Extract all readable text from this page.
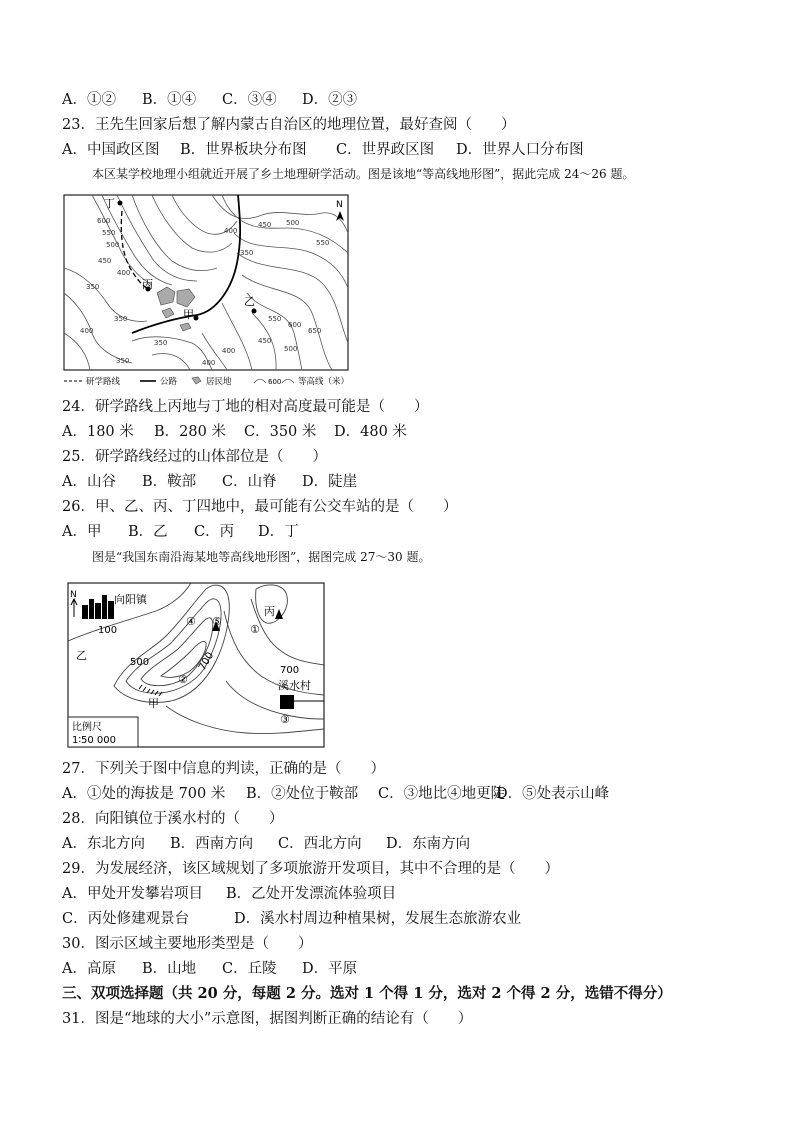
A．①② B．①④ C．③④ D．②③
23．王先生回家后想了解内蒙古自治区的地理位置，最好查阅（　　）
A．中国政区图 B．世界板块分布图 C．世界政区图 D．世界人口分布图
本区某学校地理小组就近开展了乡土地理研学活动。图是该地“等高线地形图”，据此完成 24～26 题。
丁
丙
甲
乙
N
600
550
500
450
400
350
450 500
550
350
400
550
600
650
350
400
450
500
350
400
350	400
研学路线	公路	居民地	600 等高线（米）
24．研学路线上丙地与丁地的相对高度最可能是（　　）
A．180 米 B．280 米 C．350 米 D．480 米
25．研学路线经过的山体部位是（　　）
A．山谷 B．鞍部 C．山脊 D．陡崖
26．甲、乙、丙、丁四地中，最可能有公交车站的是（　　）
A．甲 B．乙 C．丙 D．丁
图是“我国东南沿海某地等高线地形图”，据图完成 27～30 题。
向阳镇
N
丙
乙
甲
①
②
③
④ ⑤
溪水村
100
500	700	700
比例尺
1∶50 000
27．下列关于图中信息的判读，正确的是（　　）
A．①处的海拔是 700 米 B．②处位于鞍部 C．③地比④地更陡
D．⑤处表示山峰
28．向阳镇位于溪水村的（　　）
A．东北方向 B．西南方向 C．西北方向 D．东南方向
29．为发展经济，该区域规划了多项旅游开发项目，其中不合理的是（　　）
A．甲处开发攀岩项目 B．乙处开发漂流体验项目
C．丙处修建观景台	D．溪水村周边种植果树，发展生态旅游农业
30．图示区域主要地形类型是（　　）
A．高原 B．山地 C．丘陵 D．平原
三、双项选择题（共 20 分，每题 2 分。选对 1 个得 1 分，选对 2 个得 2 分，选错不得分）
31．图是“地球的大小”示意图，据图判断正确的结论有（　　）
